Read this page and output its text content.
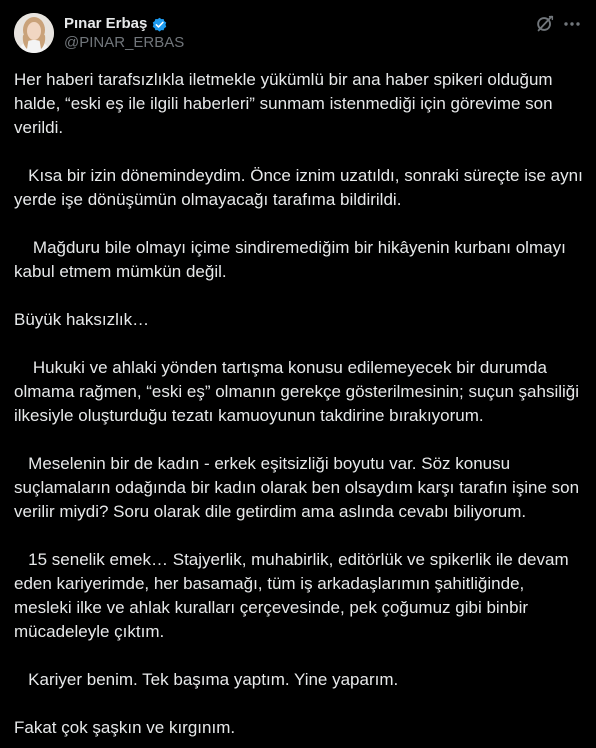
Pınar Erbaş
@PINAR_ERBAS

Her haberi tarafsızlıkla iletmekle yükümlü bir ana haber spikeri olduğum halde, “eski eş ile ilgili haberleri” sunmam istenmediği için görevime son verildi.

Kısa bir izin dönemindeydim. Önce iznim uzatıldı, sonraki süreçte ise aynı yerde işe dönüşümün olmayacağı tarafıma bildirildi.

Mağduru bile olmayı içime sindiremediğim bir hikâyenin kurbanı olmayı kabul etmem mümkün değil.

Büyük haksızlık…

Hukuki ve ahlaki yönden tartışma konusu edilemeyecek bir durumda olmama rağmen, “eski eş” olmanın gerekçe gösterilmesinin; suçun şahsiliği ilkesiyle oluşturduğu tezatı kamuoyunun takdirine bırakıyorum.

Meselenin bir de kadın - erkek eşitsizliği boyutu var. Söz konusu suçlamaların odağında bir kadın olarak ben olsaydım karşı tarafın işine son verilir miydi? Soru olarak dile getirdim ama aslında cevabı biliyorum.

15 senelik emek… Stajyerlik, muhabirlik, editörlük ve spikerlik ile devam eden kariyerimde, her basamağı, tüm iş arkadaşlarımın şahitliğinde, mesleki ilke ve ahlak kuralları çerçevesinde, pek çoğumuz gibi binbir mücadeleyle çıktım.

Kariyer benim. Tek başıma yaptım. Yine yaparım.

Fakat çok şaşkın ve kırgınım.
